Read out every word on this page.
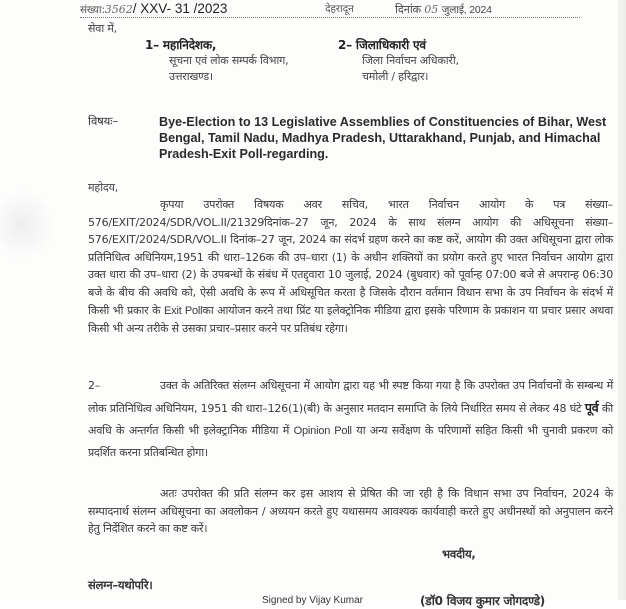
संख्या:3562/ XXV- 31 /2023	देहरादून	दिनांक 05 जुलाई, 2024
सेवा में,
1– महानिदेशक,
सूचना एवं लोक सम्पर्क विभाग,
उत्तराखण्ड।
2– जिलाधिकारी एवं
जिला निर्वाचन अधिकारी,
चमोली / हरिद्वार।
विषयः–	Bye-Election to 13 Legislative Assemblies of Constituencies of Bihar, West Bengal, Tamil Nadu, Madhya Pradesh, Uttarakhand, Punjab, and Himachal Pradesh-Exit Poll-regarding.
महोदय,
कृपया उपरोक्त विषयक अवर सचिव, भारत निर्वाचन आयोग के पत्र संख्या–576/EXIT/2024/SDR/VOL.II/21329दिनांक–27 जून, 2024 के साथ संलग्न आयोग की अधिसूचना संख्या–576/EXIT/2024/SDR/VOL.II दिनांक–27 जून, 2024 का संदर्भ ग्रहण करने का कष्ट करें, आयोग की उक्त अधिसूचना द्वारा लोक प्रतिनिधित्व अधिनियम,1951 की धारा–126क की उप–धारा (1) के अधीन शक्तियों का प्रयोग करते हुए भारत निर्वाचन आयोग द्वारा उक्त धारा की उप–धारा (2) के उपबन्धों के संबंध में एतद्द्वारा 10 जुलाई, 2024 (बुधवार) को पूर्वान्ह 07:00 बजे से अपरान्ह 06:30 बजे के बीच की अवधि को, ऐसी अवधि के रूप में अधिसूचित करता है जिसके दौरान वर्तमान विधान सभा के उप निर्वाचन के संदर्भ में किसी भी प्रकार के Exit Pollका आयोजन करने तथा प्रिंट या इलेक्ट्रोनिक मीडिया द्वारा इसके परिणाम के प्रकाशन या प्रचार प्रसार अथवा किसी भी अन्य तरीके से उसका प्रचार–प्रसार करने पर प्रतिबंध रहेगा।
2–	उक्त के अतिरिक्त संलग्न अधिसूचना में आयोग द्वारा यह भी स्पष्ट किया गया है कि उपरोक्त उप निर्वाचनों के सम्बन्ध में लोक प्रतिनिधित्व अधिनियम, 1951 की धारा–126(1)(बी) के अनुसार मतदान समाप्ति के लिये निर्धारित समय से लेकर 48 घंटे पूर्व की अवधि के अन्तर्गत किसी भी इलेक्ट्रानिक मीडिया में Opinion Poll या अन्य सर्वेक्षण के परिणामों सहित किसी भी चुनावी प्रकरण को प्रदर्शित करना प्रतिबन्धित होगा।
अतः उपरोक्त की प्रति संलग्न कर इस आशय से प्रेषित की जा रही है कि विधान सभा उप निर्वाचन, 2024 के सम्पादनार्थ संलग्न अधिसूचना का अवलोकन / अध्ययन करते हुए यथासमय आवश्यक कार्यवाही करते हुए अधीनस्थों को अनुपालन करने हेतु निर्देशित करने का कष्ट करें।
भवदीय,
संलग्न–यथोपरि।
Signed by Vijay Kumar	(डॉ0 विजय कुमार जोगदण्डे)
